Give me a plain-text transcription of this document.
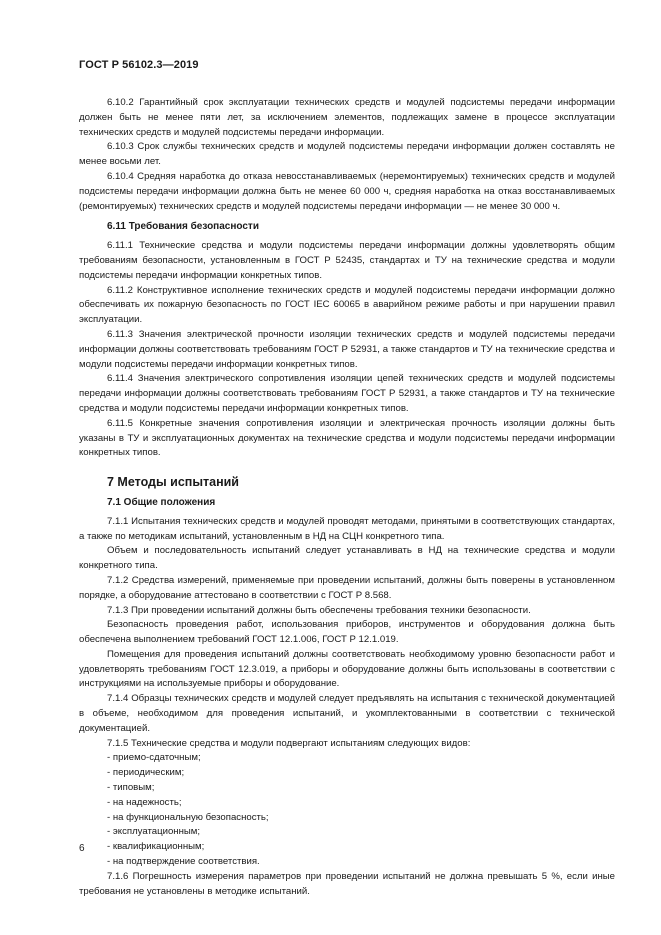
ГОСТ Р 56102.3—2019

6.10.2 Гарантийный срок эксплуатации технических средств и модулей подсистемы передачи информации должен быть не менее пяти лет, за исключением элементов, подлежащих замене в процессе эксплуатации технических средств и модулей подсистемы передачи информации.

6.10.3 Срок службы технических средств и модулей подсистемы передачи информации должен составлять не менее восьми лет.

6.10.4 Средняя наработка до отказа невосстанавливаемых (неремонтируемых) технических средств и модулей подсистемы передачи информации должна быть не менее 60 000 ч, средняя наработка на отказ восстанавливаемых (ремонтируемых) технических средств и модулей подсистемы передачи информации — не менее 30 000 ч.

6.11 Требования безопасности

6.11.1 Технические средства и модули подсистемы передачи информации должны удовлетворять общим требованиям безопасности, установленным в ГОСТ Р 52435, стандартах и ТУ на технические средства и модули подсистемы передачи информации конкретных типов.

6.11.2 Конструктивное исполнение технических средств и модулей подсистемы передачи информации должно обеспечивать их пожарную безопасность по ГОСТ IEC 60065 в аварийном режиме работы и при нарушении правил эксплуатации.

6.11.3 Значения электрической прочности изоляции технических средств и модулей подсистемы передачи информации должны соответствовать требованиям ГОСТ Р 52931, а также стандартов и ТУ на технические средства и модули подсистемы передачи информации конкретных типов.

6.11.4 Значения электрического сопротивления изоляции цепей технических средств и модулей подсистемы передачи информации должны соответствовать требованиям ГОСТ Р 52931, а также стандартов и ТУ на технические средства и модули подсистемы передачи информации конкретных типов.

6.11.5 Конкретные значения сопротивления изоляции и электрическая прочность изоляции должны быть указаны в ТУ и эксплуатационных документах на технические средства и модули подсистемы передачи информации конкретных типов.

7 Методы испытаний
7.1 Общие положения

7.1.1 Испытания технических средств и модулей проводят методами, принятыми в соответствующих стандартах, а также по методикам испытаний, установленным в НД на СЦН конкретного типа.

Объем и последовательность испытаний следует устанавливать в НД на технические средства и модули конкретного типа.

7.1.2 Средства измерений, применяемые при проведении испытаний, должны быть поверены в установленном порядке, а оборудование аттестовано в соответствии с ГОСТ Р 8.568.

7.1.3 При проведении испытаний должны быть обеспечены требования техники безопасности.

Безопасность проведения работ, использования приборов, инструментов и оборудования должна быть обеспечена выполнением требований ГОСТ 12.1.006, ГОСТ Р 12.1.019.

Помещения для проведения испытаний должны соответствовать необходимому уровню безопасности работ и удовлетворять требованиям ГОСТ 12.3.019, а приборы и оборудование должны быть использованы в соответствии с инструкциями на используемые приборы и оборудование.

7.1.4 Образцы технических средств и модулей следует предъявлять на испытания с технической документацией в объеме, необходимом для проведения испытаний, и укомплектованными в соответствии с технической документацией.

7.1.5 Технические средства и модули подвергают испытаниям следующих видов:

- приемо-сдаточным;
- периодическим;
- типовым;
- на надежность;
- на функциональную безопасность;
- эксплуатационным;
- квалификационным;
- на подтверждение соответствия.

7.1.6 Погрешность измерения параметров при проведении испытаний не должна превышать 5 %, если иные требования не установлены в методике испытаний.

6
